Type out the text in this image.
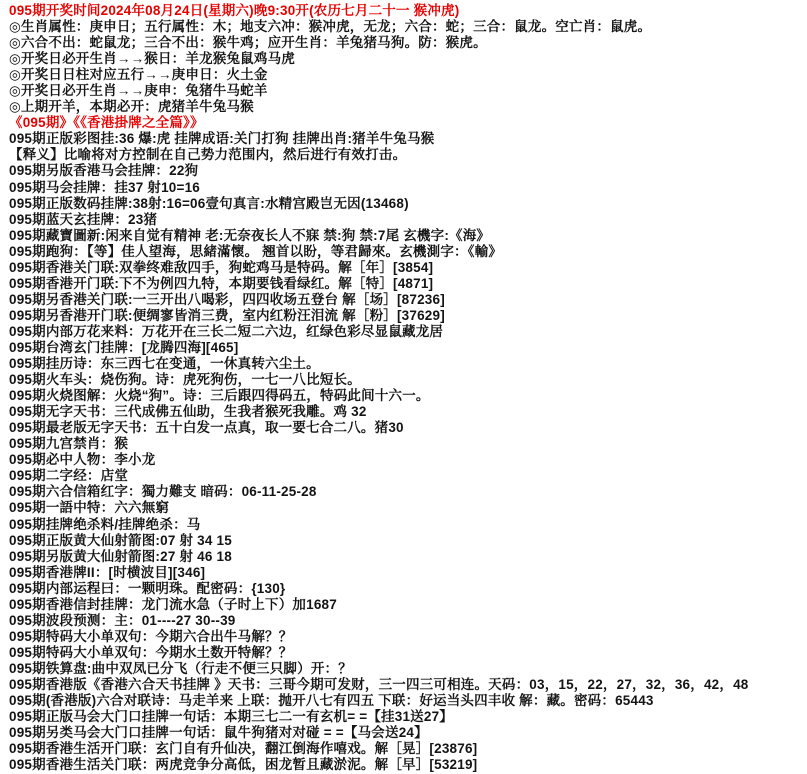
095期开奖时间2024年08月24日(星期六)晚9:30开(农历七月二十一 猴冲虎)
◎生肖属性：庚申日；五行属性：木；地支六冲：猴冲虎，无龙；六合：蛇；三合：鼠龙。空亡肖：鼠虎。
◎六合不出：蛇鼠龙；三合不出：猴牛鸡；应开生肖：羊兔猪马狗。防：猴虎。
◎开奖日必开生肖→→猴日：羊龙猴兔鼠鸡马虎
◎开奖日日柱对应五行→→庚申日：火土金
◎开奖日必开生肖→→庚申：兔猪牛马蛇羊
◎上期开羊，本期必开：虎猪羊牛兔马猴
《095期》《《香港掛牌之全篇》》
095期正版彩图挂:36 爆:虎 挂牌成语:关门打狗 挂牌出肖:猪羊牛兔马猴
【释义】比喻将对方控制在自己势力范围内，然后进行有效打击。
095期另版香港马会挂牌：22狗
095期马会挂牌：挂37 射10=16
095期正版数码挂牌:38射:16=06壹句真言:水精宫殿岂无因(13468)
095期蓝天玄挂牌：23猪
095期藏寶圖新:闲来自觉有精神 老:无奈夜长人不寐 禁:狗 禁:7尾 玄機字:《海》
095期跑狗：【等】佳人望海，思緒滿懷。 翘首以盼，等君歸來。玄機測字：《輸》
095期香港关门联:双拳终难敌四手，狗蛇鸡马是特码。解［年］[3854]
095期香港开门联:下不为例四九特，本期要钱看绿红。解［特］[4871]
095期另香港关门联:一三开出八喝彩，四四收场五登台 解［场］[87236]
095期另香港开门联:便绸寥皆消三费，室内红粉汪泪流 解［粉］[37629]
095期内部万花来料：万花开在三长二短二六边，红绿色彩尽显鼠藏龙居
095期台湾玄门挂牌：[龙腾四海][465]
095期挂历诗：东三西七在变通，一休真转六尘土。
095期火车头：烧伤狗。诗：虎死狗伤，一七一八比短长。
095期火烧图解：火烧“狗”。诗：三后跟四得码五，特码此间十六一。
095期无字天书：三代成佛五仙助，生我者猴死我雕。鸡 32
095期最老版无字天书：五十白发一点真，取一要七合二八。猪30
095期九宫禁肖：猴
095期必中人物：李小龙
095期二字经：店堂
095期六合信箱红字：獨力難支 暗码：06-11-25-28
095期一語中特：六六無窮
095期挂牌绝杀料/挂牌绝杀：马
095期正版黄大仙射箭图:07 射 34 15
095期另版黄大仙射箭图:27 射 46 18
095期香港牌II：[时横波目][346]
095期内部运程曰：一颗明珠。配密码：{130}
095期香港信封挂牌：龙门流水急（子时上下）加1687
095期波段预测：主：01----27 30--39
095期特码大小单双句：今期六合出牛马解？？
095期特码大小单双句：今期水土数开特解？？
095期铁算盘:曲中双凤已分飞（行走不便三只脚）开：？
095期香港版《香港六合天书挂牌 》天书：三哥今期可发财，三一四三可相连。天码：03，15，22，27，32，36，42，48
095期(香港版)六合对联诗：马走羊来 上联：抛开八七有四五 下联：好运当头四丰收 解：藏。密码：65443
095期正版马会大门口挂牌一句话：本期三七二一有玄机= =【挂31送27】
095期另类马会大门口挂牌一句话：鼠牛狗猪对对碰 = =【马会送24】
095期香港生活开门联：玄门自有升仙决，翻江倒海作嘻戏。解［晃］[23876]
095期香港生活关门联：两虎竞争分高低，困龙暂且藏淤泥。解［早］[53219]
